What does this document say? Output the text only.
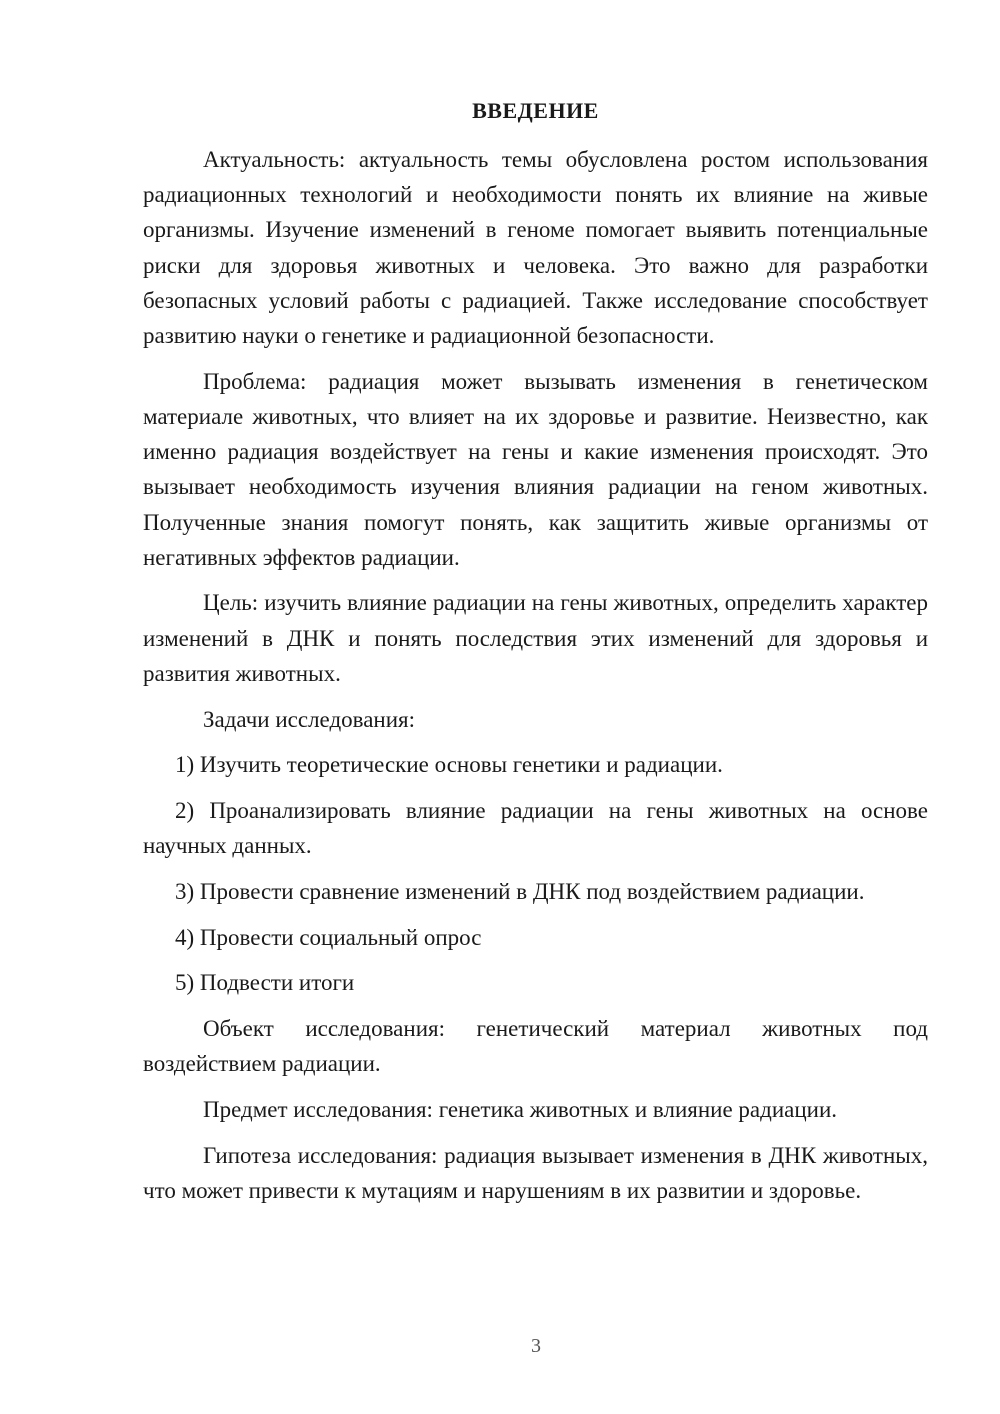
ВВЕДЕНИЕ

Актуальность: актуальность темы обусловлена ростом использования радиационных технологий и необходимости понять их влияние на живые организмы. Изучение изменений в геноме помогает выявить потенциальные риски для здоровья животных и человека. Это важно для разработки безопасных условий работы с радиацией. Также исследование способствует развитию науки о генетике и радиационной безопасности.

Проблема: радиация может вызывать изменения в генетическом материале животных, что влияет на их здоровье и развитие. Неизвестно, как именно радиация воздействует на гены и какие изменения происходят. Это вызывает необходимость изучения влияния радиации на геном животных. Полученные знания помогут понять, как защитить живые организмы от негативных эффектов радиации.

Цель: изучить влияние радиации на гены животных, определить характер изменений в ДНК и понять последствия этих изменений для здоровья и развития животных.

Задачи исследования:

1) Изучить теоретические основы генетики и радиации.

2) Проанализировать влияние радиации на гены животных на основе научных данных.

3) Провести сравнение изменений в ДНК под воздействием радиации.

4) Провести социальный опрос

5) Подвести итоги

Объект исследования: генетический материал животных под воздействием радиации.

Предмет исследования: генетика животных и влияние радиации.

Гипотеза исследования: радиация вызывает изменения в ДНК животных, что может привести к мутациям и нарушениям в их развитии и здоровье.

3
